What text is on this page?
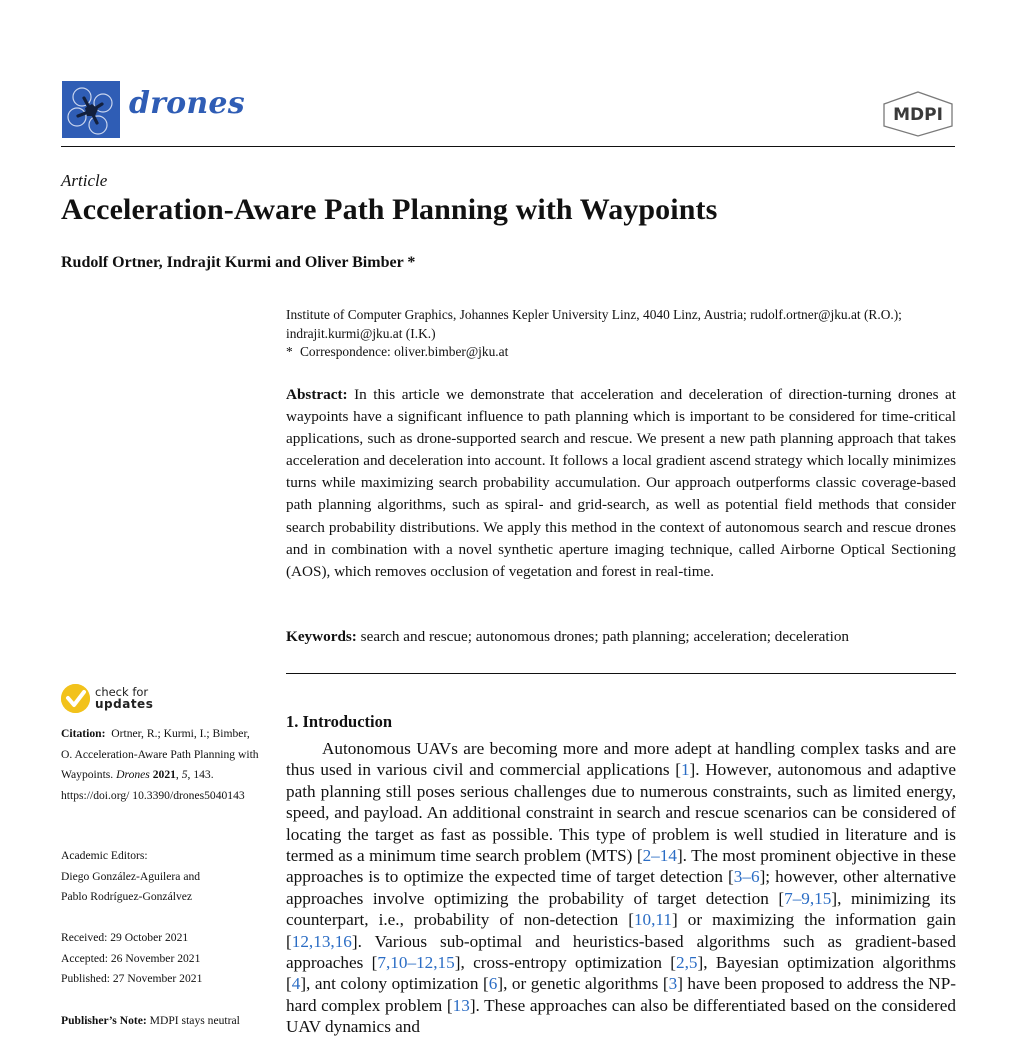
drones	MDPI
Article
Acceleration-Aware Path Planning with Waypoints
Rudolf Ortner, Indrajit Kurmi and Oliver Bimber *
Institute of Computer Graphics, Johannes Kepler University Linz, 4040 Linz, Austria; rudolf.ortner@jku.at (R.O.);
indrajit.kurmi@jku.at (I.K.)
* Correspondence: oliver.bimber@jku.at
Abstract: In this article we demonstrate that acceleration and deceleration of direction-turning drones at waypoints have a significant influence to path planning which is important to be considered for time-critical applications, such as drone-supported search and rescue. We present a new path planning approach that takes acceleration and deceleration into account. It follows a local gradient ascend strategy which locally minimizes turns while maximizing search probability accumulation. Our approach outperforms classic coverage-based path planning algorithms, such as spiral- and grid-search, as well as potential field methods that consider search probability distributions. We apply this method in the context of autonomous search and rescue drones and in combination with a novel synthetic aperture imaging technique, called Airborne Optical Sectioning (AOS), which removes occlusion of vegetation and forest in real-time.
Keywords: search and rescue; autonomous drones; path planning; acceleration; deceleration
1. Introduction

Autonomous UAVs are becoming more and more adept at handling complex tasks and are thus used in various civil and commercial applications [1]. However, autonomous and adaptive path planning still poses serious challenges due to numerous constraints, such as limited energy, speed, and payload. An additional constraint in search and rescue scenarios can be considered of locating the target as fast as possible. This type of problem is well studied in literature and is termed as a minimum time search problem (MTS) [2–14]. The most prominent objective in these approaches is to optimize the expected time of target detection [3–6]; however, other alternative approaches involve optimizing the probability of target detection [7–9,15], minimizing its counterpart, i.e., probability of non-detection [10,11] or maximizing the information gain [12,13,16]. Various sub-optimal and heuristics-based algorithms such as gradient-based approaches [7,10–12,15], cross-entropy optimization [2,5], Bayesian optimization algorithms [4], ant colony optimization [6], or genetic algorithms [3] have been proposed to address the NP-hard complex problem [13]. These approaches can also be differentiated based on the considered UAV dynamics and

check for
updates
Citation: Ortner, R.; Kurmi, I.; Bimber, O. Acceleration-Aware Path Planning with Waypoints. Drones 2021, 5, 143. https://doi.org/ 10.3390/drones5040143
Academic Editors:
Diego González-Aguilera and
Pablo Rodríguez-Gonzálvez
Received: 29 October 2021
Accepted: 26 November 2021
Published: 27 November 2021
Publisher’s Note: MDPI stays neutral
